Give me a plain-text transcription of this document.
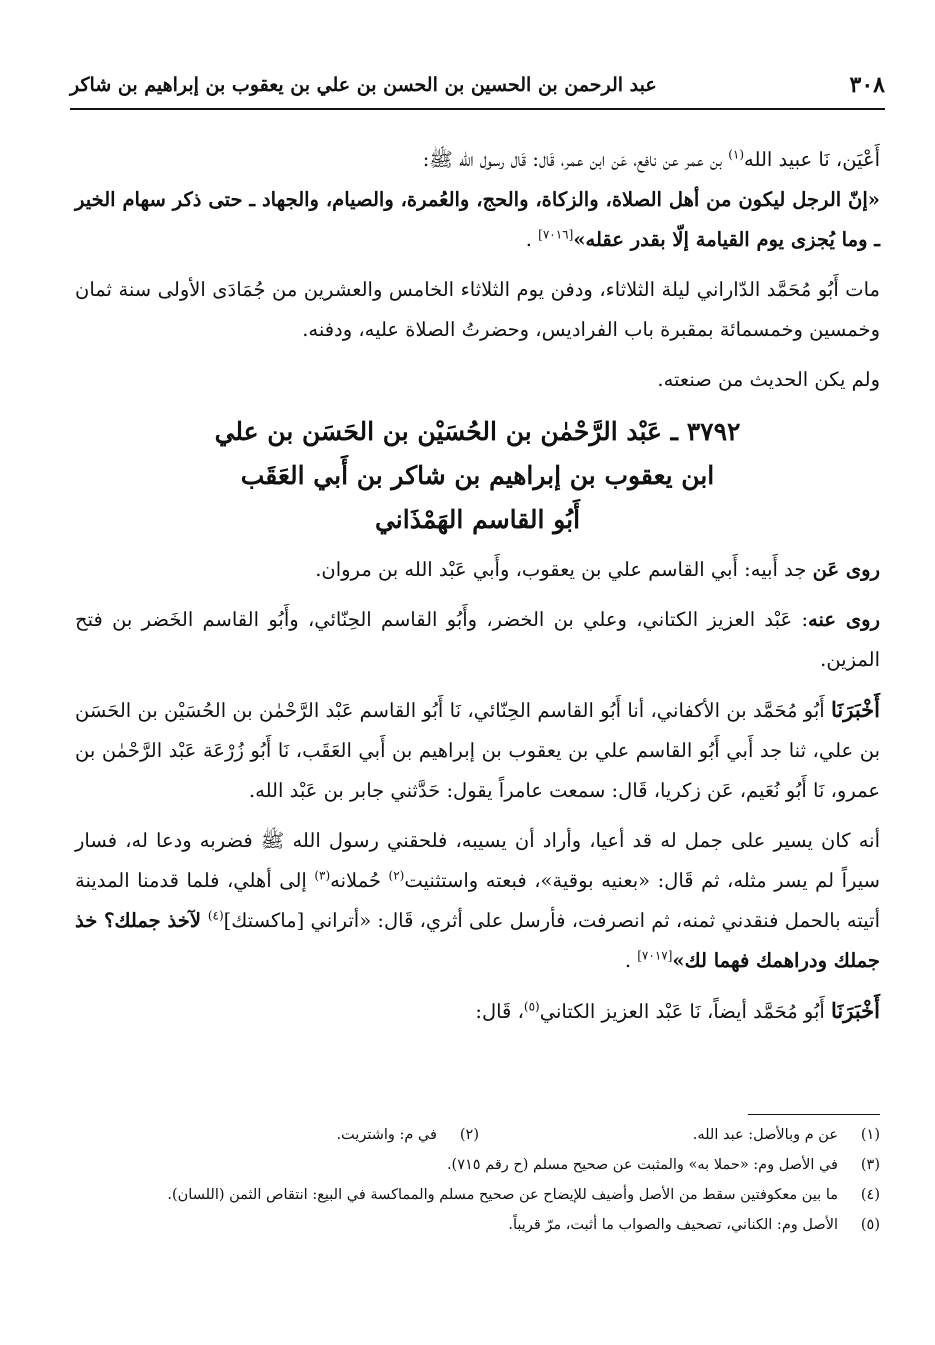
عبد الرحمن بن الحسين بن الحسن بن علي بن يعقوب بن إبراهيم بن شاكر	٣٠٨

أَعْيَن، نَا عبيد الله$^{(١)}$ بن عمر عن نافع، عَن ابن عمر، قَال: قَال رسول الله ﷺ:
«إنّ الرجل ليكون من أهل الصلاة، والزكاة، والحج، والعُمرة، والصيام، والجهاد ـ حتى ذكر سهام الخير ـ وما يُجزى يوم القيامة إلّا بقدر عقله»[٧٠١٦] .

مات أَبُو مُحَمَّد الدّاراني ليلة الثلاثاء، ودفن يوم الثلاثاء الخامس والعشرين من جُمَادَى الأولى سنة ثمان وخمسين وخمسمائة بمقبرة باب الفراديس، وحضرتُ الصلاة عليه، ودفنه.

ولم يكن الحديث من صنعته.

٣٧٩٢ ـ عَبْد الرَّحْمٰن بن الحُسَيْن بن الحَسَن بن علي
ابن يعقوب بن إبراهيم بن شاكر بن أَبي العَقَب
أَبُو القاسم الهَمْذَاني

روى عَن جد أَبيه: أَبي القاسم علي بن يعقوب، وأَبي عَبْد الله بن مروان.

روى عنه: عَبْد العزيز الكتاني، وعلي بن الخضر، وأَبُو القاسم الحِنّائي، وأَبُو القاسم الخَضر بن فتح المزين.

أَخْبَرَنَا أَبُو مُحَمَّد بن الأكفاني، أنا أَبُو القاسم الحِنّائي، نَا أَبُو القاسم عَبْد الرَّحْمٰن بن الحُسَيْن بن الحَسَن بن علي، ثنا جد أَبي أَبُو القاسم علي بن يعقوب بن إبراهيم بن أَبي العَقَب، نَا أَبُو زُرْعَة عَبْد الرَّحْمٰن بن عمرو، نَا أَبُو نُعَيم، عَن زكريا، قَال: سمعت عامراً يقول: حَدَّثني جابر بن عَبْد الله.

أنه كان يسير على جمل له قد أعيا، وأراد أن يسيبه، فلحقني رسول الله ﷺ فضربه ودعا له، فسار سيراً لم يسر مثله، ثم قَال: «بعنيه بوقية»، فبعته واستثنيت$^{(٢)}$ حُملانه$^{(٣)}$ إلى أهلي، فلما قدمنا المدينة أتيته بالحمل فنقدني ثمنه، ثم انصرفت، فأرسل على أثري، قَال: «أتراني [ماكستك]$^{(٤)}$ لآخذ جملك؟ خذ جملك ودراهمك فهما لك»[٧٠١٧] .

أَخْبَرَنَا أَبُو مُحَمَّد أيضاً، نَا عَبْد العزيز الكتاني$^{(٥)}$، قَال:

(١)
عن م وبالأصل: عبد الله.
(٢)
في م: واشتريت.
(٣)
في الأصل وم: «حملا به» والمثبت عن صحيح مسلم (ح رقم ٧١٥).
(٤)
ما بين معكوفتين سقط من الأصل وأضيف للإيضاح عن صحيح مسلم والمماكسة في البيع: انتقاص الثمن (اللسان).
(٥)
الأصل وم: الكناني، تصحيف والصواب ما أثبت، مرّ قريباً.
